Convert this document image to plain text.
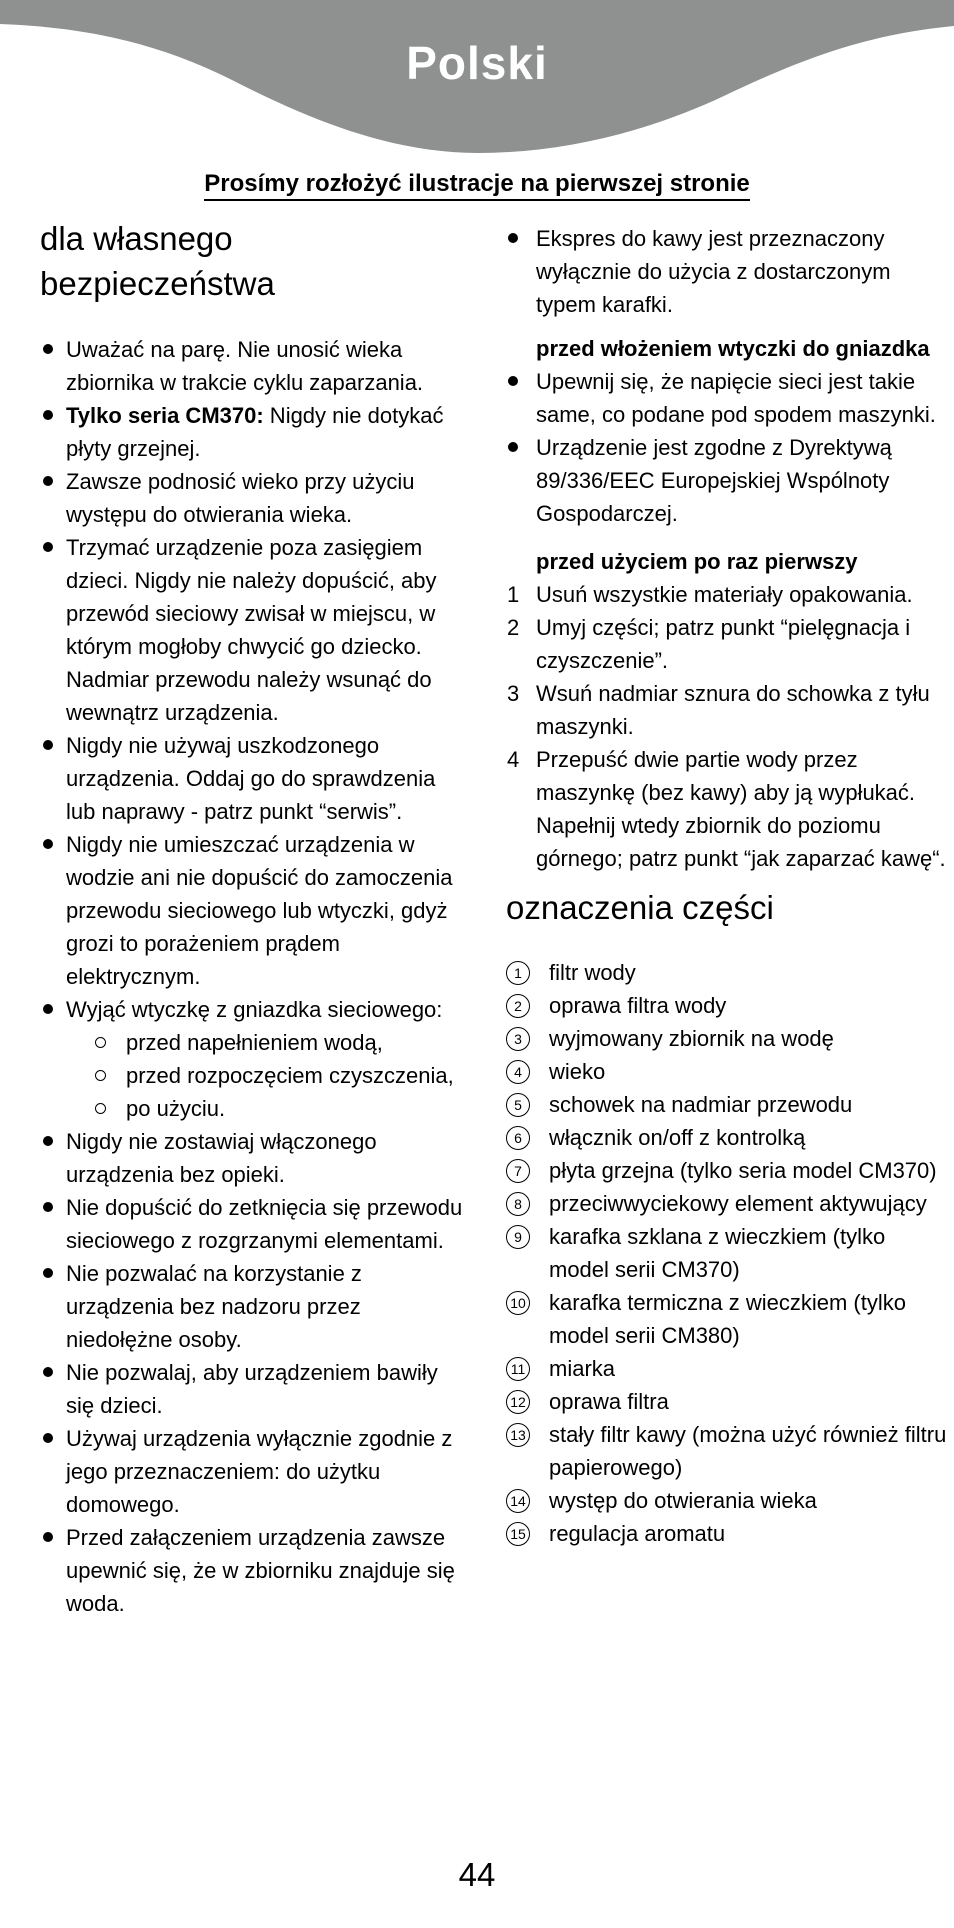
Polski
Prosímy rozłożyć ilustracje na pierwszej stronie
dla własnego bezpieczeństwa
Uważać na parę. Nie unosić wieka zbiornika w trakcie cyklu zaparzania.
Tylko seria CM370: Nigdy nie dotykać płyty grzejnej.
Zawsze podnosić wieko przy użyciu występu do otwierania wieka.
Trzymać urządzenie poza zasięgiem dzieci. Nigdy nie należy dopuścić, aby przewód sieciowy zwisał w miejscu, w którym mogłoby chwycić go dziecko. Nadmiar przewodu należy wsunąć do wewnątrz urządzenia.
Nigdy nie używaj uszkodzonego urządzenia. Oddaj go do sprawdzenia lub naprawy - patrz punkt “serwis”.
Nigdy nie umieszczać urządzenia w wodzie ani nie dopuścić do zamoczenia przewodu sieciowego lub wtyczki, gdyż grozi to porażeniem prądem elektrycznym.
Wyjąć wtyczkę z gniazdka sieciowego:
przed napełnieniem wodą,
przed rozpoczęciem czyszczenia,
po użyciu.
Nigdy nie zostawiaj włączonego urządzenia bez opieki.
Nie dopuścić do zetknięcia się przewodu sieciowego z rozgrzanymi elementami.
Nie pozwalać na korzystanie z urządzenia bez nadzoru przez niedołężne osoby.
Nie pozwalaj, aby urządzeniem bawiły się dzieci.
Używaj urządzenia wyłącznie zgodnie z jego przeznaczeniem: do użytku domowego.
Przed załączeniem urządzenia zawsze upewnić się, że w zbiorniku znajduje się woda.
Ekspres do kawy jest przeznaczony wyłącznie do użycia z dostarczonym typem karafki.
przed włożeniem wtyczki do gniazdka
Upewnij się, że napięcie sieci jest takie same, co podane pod spodem maszynki.
Urządzenie jest zgodne z Dyrektywą 89/336/EEC Europejskiej Wspólnoty Gospodarczej.
przed użyciem po raz pierwszy
1 Usuń wszystkie materiały opakowania.
2 Umyj części; patrz punkt “pielęgnacja i czyszczenie”.
3 Wsuń nadmiar sznura do schowka z tyłu maszynki.
4 Przepuść dwie partie wody przez maszynkę (bez kawy) aby ją wypłukać. Napełnij wtedy zbiornik do poziomu górnego; patrz punkt “jak zaparzać kawę“.
oznaczenia części
1	filtr wody
2	oprawa filtra wody
3	wyjmowany zbiornik na wodę
4	wieko
5	schowek na nadmiar przewodu
6	włącznik on/off z kontrolką
7	płyta grzejna (tylko seria model CM370)
8	przeciwwyciekowy element aktywujący
9	karafka szklana z wieczkiem (tylko model serii CM370)
10 karafka termiczna z wieczkiem (tylko model serii CM380)
11 miarka
12 oprawa filtra
13 stały filtr kawy (można użyć również filtru papierowego)
14 występ do otwierania wieka
15 regulacja aromatu
44
